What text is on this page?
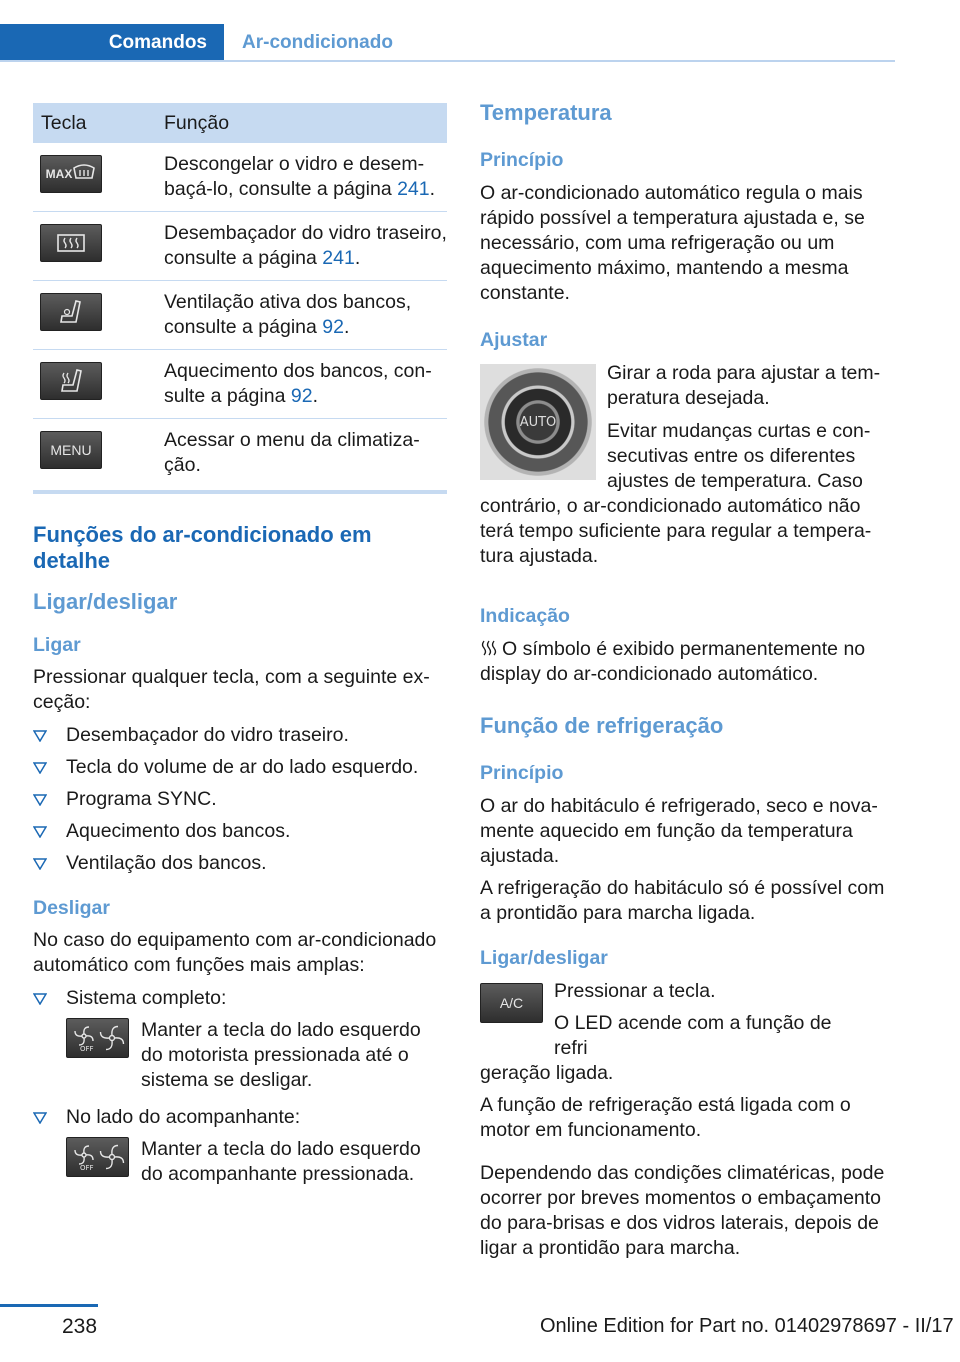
Comandos	Ar-condicionado
Tecla	Função

MAX	Descongelar o vidro e desembaçá-lo, consulte a página 241.

	Desembaçador do vidro traseiro, consulte a página 241.

	Ventilação ativa dos bancos, consulte a página 92.

	Aquecimento dos bancos, consulte a página 92.

MENU	Acessar o menu da climatização.
Funções do ar-condicionado em detalhe
Ligar/desligar
Ligar

Pressionar qualquer tecla, com a seguinte exceção:

Desembaçador do vidro traseiro.
Tecla do volume de ar do lado esquerdo.
Programa SYNC.
Aquecimento dos bancos.
Ventilação dos bancos.
Desligar

No caso do equipamento com ar-condicionado automático com funções mais amplas:

Sistema completo:
OFF

Manter a tecla do lado esquerdo do motorista pressionada até o sistema se desligar.

No lado do acompanhante:
OFF

Manter a tecla do lado esquerdo do acompanhante pressionada.

Temperatura
Princípio

O ar-condicionado automático regula o mais rápido possível a temperatura ajustada e, se necessário, com uma refrigeração ou um aquecimento máximo, mantendo a mesma constante.

Ajustar
AUTO

Girar a roda para ajustar a temperatura desejada.

Evitar mudanças curtas e consecutivas entre os diferentes ajustes de temperatura. Caso

contrário, o ar-condicionado automático não terá tempo suficiente para regular a temperatura ajustada.

Indicação

O símbolo é exibido permanentemente no display do ar-condicionado automático.

Função de refrigeração
Princípio

O ar do habitáculo é refrigerado, seco e novamente aquecido em função da temperatura ajustada.

A refrigeração do habitáculo só é possível com a prontidão para marcha ligada.

Ligar/desligar
A/C

Pressionar a tecla.

O LED acende com a função de refri

geração ligada.

A função de refrigeração está ligada com o motor em funcionamento.

Dependendo das condições climatéricas, pode ocorrer por breves momentos o embaçamento do para-brisas e dos vidros laterais, depois de ligar a prontidão para marcha.

238	Online Edition for Part no. 01402978697 - II/17
